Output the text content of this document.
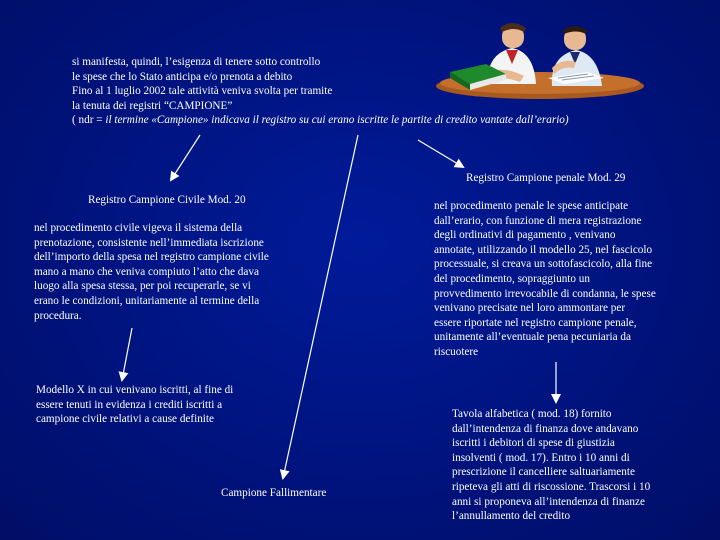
si manifesta, quindi, l’esigenza di tenere sotto controllo
le spese che lo Stato anticipa e/o prenota a debito
Fino al 1 luglio 2002 tale attività veniva svolta per tramite
la tenuta dei registri “CAMPIONE”
( ndr = il termine «Campione» indicava il registro su cui erano iscritte le partite di credito vantate dall’erario)
Registro Campione penale Mod. 29
nel procedimento penale le spese anticipate
dall’erario, con funzione di mera registrazione
degli ordinativi di pagamento , venivano
annotate, utilizzando il modello 25, nel fascicolo
processuale, si creava un sottofascicolo, alla fine
del procedimento, sopraggiunto un
provvedimento irrevocabile di condanna, le spese
venivano precisate nel loro ammontare per
essere riportate nel registro campione penale,
unitamente all’eventuale pena pecuniaria da
riscuotere
Registro Campione Civile Mod. 20
nel procedimento civile vigeva il sistema della
prenotazione, consistente nell’immediata iscrizione
dell’importo della spesa nel registro campione civile
mano a mano che veniva compiuto l’atto che dava
luogo alla spesa stessa, per poi recuperarle, se vi
erano le condizioni, unitariamente al termine della
procedura.
Modello X in cui venivano iscritti, al fine di
essere tenuti in evidenza i crediti iscritti a
campione civile relativi a cause definite
Campione Fallimentare
Tavola alfabetica ( mod. 18) fornito
dall’intendenza di finanza dove andavano
iscritti i debitori di spese di giustizia
insolventi ( mod. 17). Entro i 10 anni di
prescrizione il cancelliere saltuariamente
ripeteva gli atti di riscossione. Trascorsi i 10
anni si proponeva all’intendenza di finanze
l’annullamento del credito
